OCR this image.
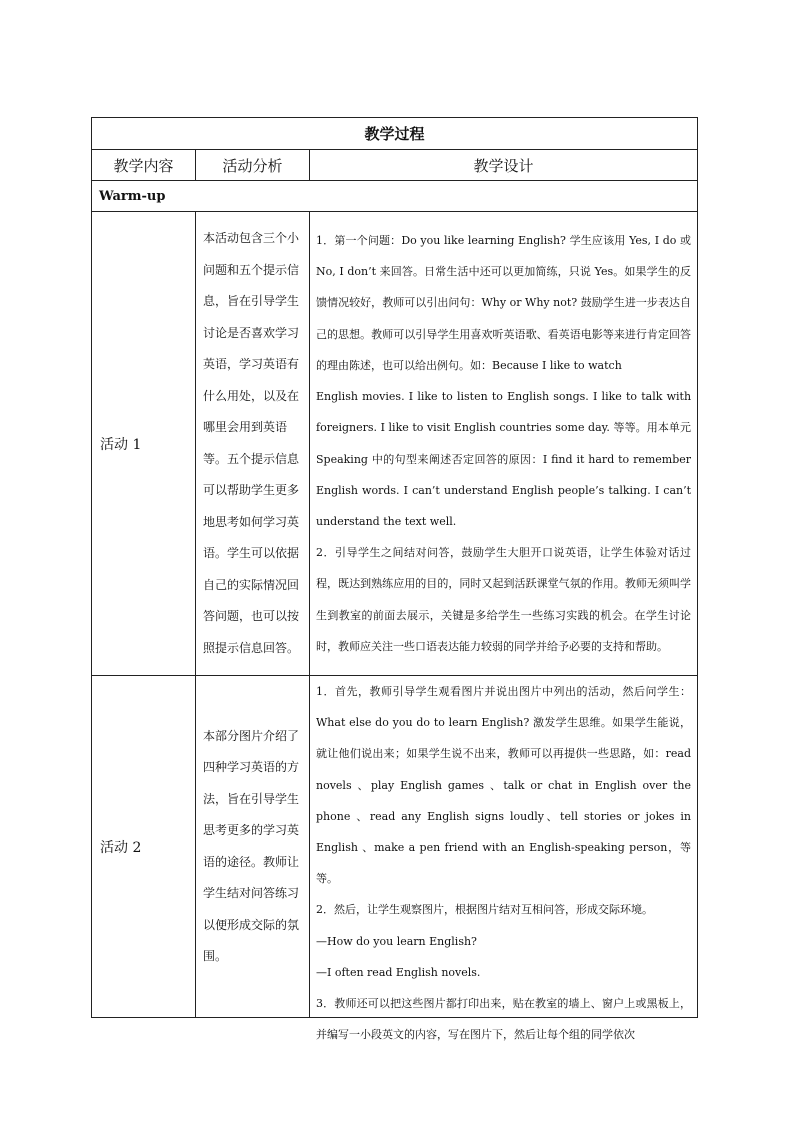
教学过程		
教学内容	活动分析	教学设计
Warm-up		
活动 1	本活动包含三个小问题和五个提示信息，旨在引导学生讨论是否喜欢学习英语，学习英语有什么用处，以及在哪里会用到英语等。五个提示信息可以帮助学生更多地思考如何学习英语。学生可以依据自己的实际情况回答问题，也可以按照提示信息回答。	1．第一个问题：Do you like learning English? 学生应该用 Yes, I do 或 No, I don’t 来回答。日常生活中还可以更加简练，只说 Yes。如果学生的反馈情况较好，教师可以引出问句：Why or Why not? 鼓励学生进一步表达自己的思想。教师可以引导学生用喜欢听英语歌、看英语电影等来进行肯定回答的理由陈述，也可以给出例句。如：Because I like to watch

English movies. I like to listen to English songs. I like to talk with foreigners. I like to visit English countries some day. 等等。用本单元 Speaking 中的句型来阐述否定回答的原因：I find it hard to remember English words. I can’t understand English people’s talking. I can’t understand the text well.

2．引导学生之间结对问答，鼓励学生大胆开口说英语，让学生体验对话过程，既达到熟练应用的目的，同时又起到活跃课堂气氛的作用。教师无须叫学生到教室的前面去展示，关键是多给学生一些练习实践的机会。在学生讨论时，教师应关注一些口语表达能力较弱的同学并给予必要的支持和帮助。

活动 2	本部分图片介绍了四种学习英语的方法，旨在引导学生思考更多的学习英语的途径。教师让学生结对问答练习以便形成交际的氛围。	1．首先，教师引导学生观看图片并说出图片中列出的活动，然后问学生：What else do you do to learn English? 激发学生思维。如果学生能说，就让他们说出来；如果学生说不出来，教师可以再提供一些思路，如：read novels 、play English games 、talk or chat in English over the phone 、read any English signs loudly、tell stories or jokes in English 、make a pen friend with an English-speaking person，等等。

2．然后，让学生观察图片，根据图片结对互相问答，形成交际环境。

—How do you learn English?

—I often read English novels.

3．教师还可以把这些图片都打印出来，贴在教室的墙上、窗户上或黑板上，并编写一小段英文的内容，写在图片下，然后让每个组的同学依次
